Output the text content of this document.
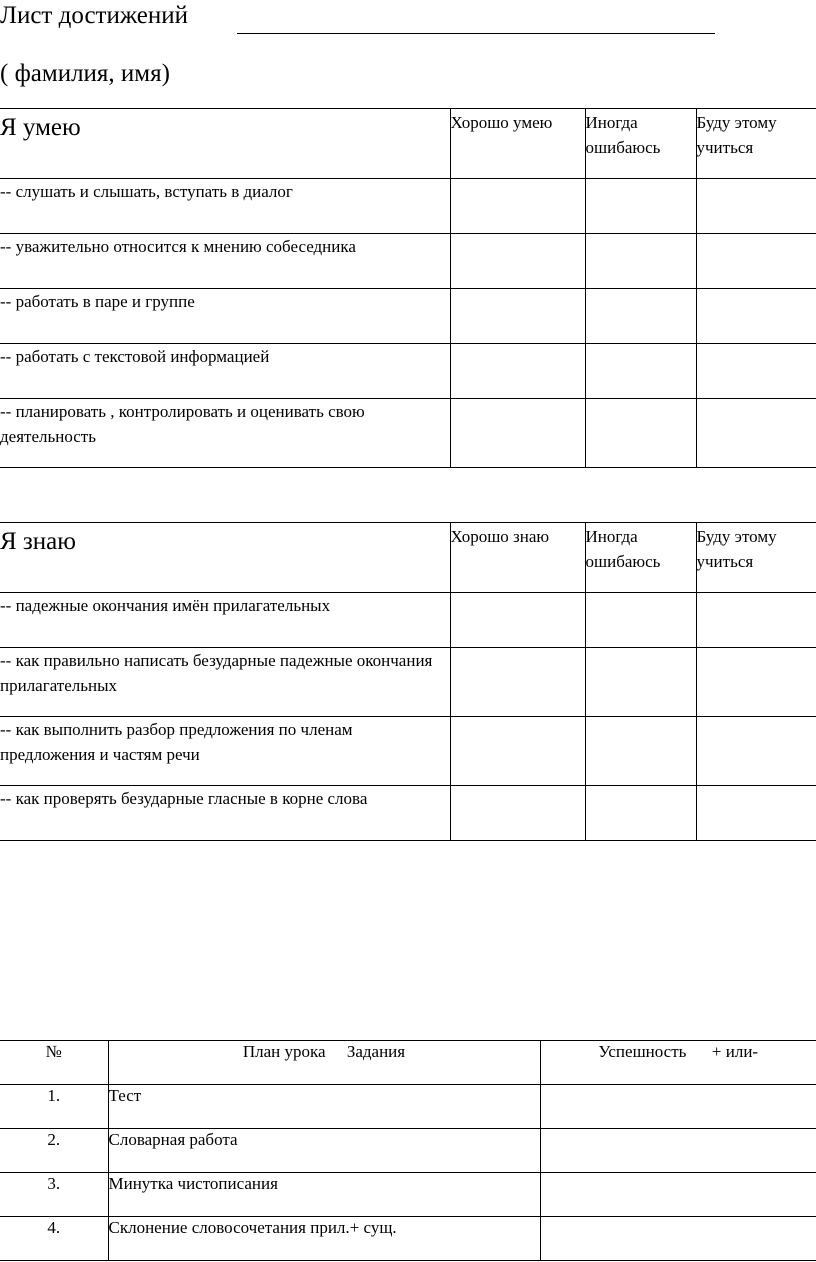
Лист достижений
( фамилия, имя)
Я умею	Хорошо умею	Иногда ошибаюсь	Буду этому учиться
-- слушать и слышать, вступать в диалог			
-- уважительно относится к мнению собеседника			
-- работать в паре и группе			
-- работать с текстовой информацией			
-- планировать , контролировать и оценивать свою деятельность			
Я знаю	Хорошо знаю	Иногда ошибаюсь	Буду этому учиться
-- падежные окончания имён прилагательных			
-- как правильно написать безударные падежные окончания прилагательных			
-- как выполнить разбор предложения по членам предложения и частям речи			
-- как проверять безударные гласные в корне слова			
№	План урока     Задания	Успешность      + или-
1.	Тест	
2.	Словарная работа	
3.	Минутка чистописания	
4.	Склонение словосочетания прил.+ сущ.	
